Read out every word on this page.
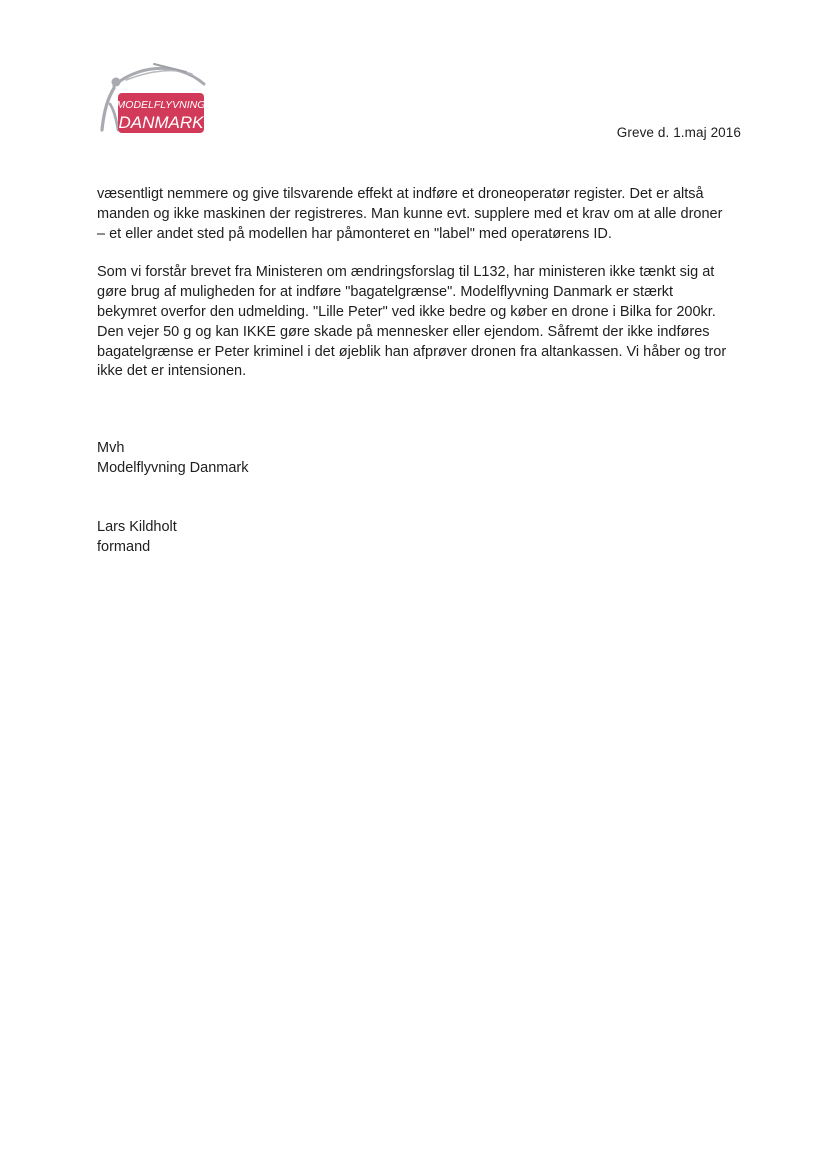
MODELFLYVNING
DANMARK
Greve d. 1.maj 2016

væsentligt nemmere og give tilsvarende effekt at indføre et droneoperatør register. Det er altså
manden og ikke maskinen der registreres. Man kunne evt. supplere med et krav om at alle droner
– et eller andet sted på modellen har påmonteret en "label" med operatørens ID.

Som vi forstår brevet fra Ministeren om ændringsforslag til L132, har ministeren ikke tænkt sig at
gøre brug af muligheden for at indføre "bagatelgrænse". Modelflyvning Danmark er stærkt
bekymret overfor den udmelding. "Lille Peter" ved ikke bedre og køber en drone i Bilka for 200kr.
Den vejer 50 g og kan IKKE gøre skade på mennesker eller ejendom. Såfremt der ikke indføres
bagatelgrænse er Peter kriminel i det øjeblik han afprøver dronen fra altankassen. Vi håber og tror
ikke det er intensionen.

Mvh
Modelflyvning Danmark
Lars Kildholt
formand
